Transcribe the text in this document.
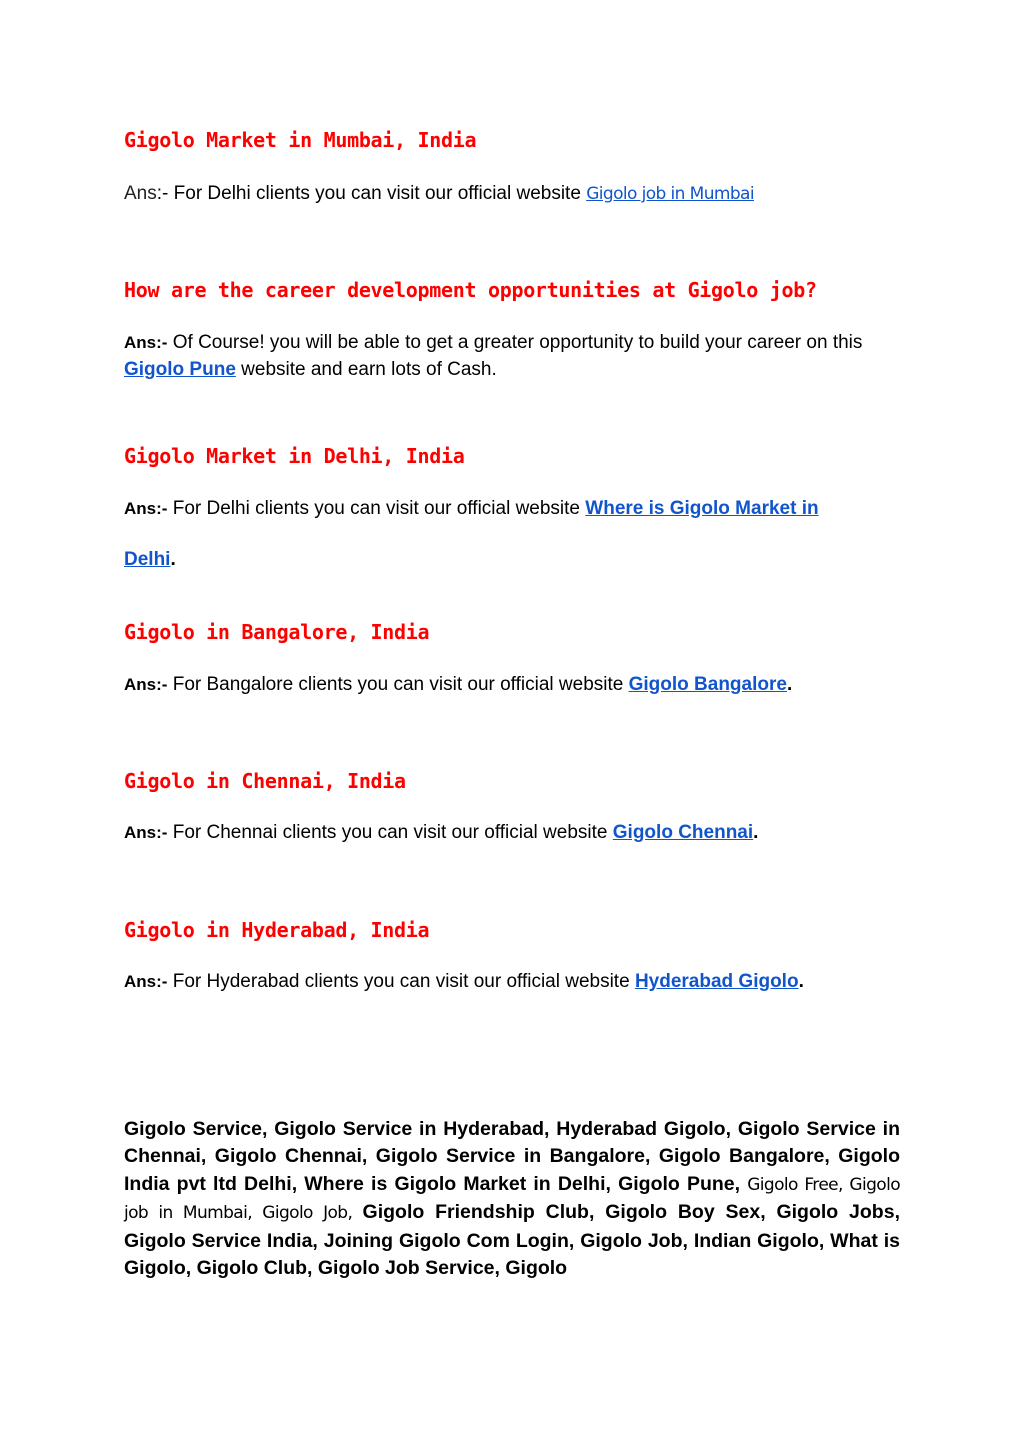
Gigolo Market in Mumbai, India

Ans:- For Delhi clients you can visit our official website Gigolo job in Mumbai

How are the career development opportunities at Gigolo job?

Ans:- Of Course! you will be able to get a greater opportunity to build your career on this Gigolo Pune website and earn lots of Cash.

Gigolo Market in Delhi, India

Ans:- For Delhi clients you can visit our official website Where is Gigolo Market in

Delhi.

Gigolo in Bangalore, India

Ans:- For Bangalore clients you can visit our official website Gigolo Bangalore.

Gigolo in Chennai, India

Ans:- For Chennai clients you can visit our official website Gigolo Chennai.

Gigolo in Hyderabad, India

Ans:- For Hyderabad clients you can visit our official website Hyderabad Gigolo.

Gigolo Service, Gigolo Service in Hyderabad, Hyderabad Gigolo, Gigolo Service in Chennai, Gigolo Chennai, Gigolo Service in Bangalore, Gigolo Bangalore, Gigolo India pvt ltd Delhi, Where is Gigolo Market in Delhi, Gigolo Pune, Gigolo Free, Gigolo job in Mumbai, Gigolo Job, Gigolo Friendship Club, Gigolo Boy Sex, Gigolo Jobs, Gigolo Service India, Joining Gigolo Com Login, Gigolo Job, Indian Gigolo, What is Gigolo, Gigolo Club, Gigolo Job Service, Gigolo
